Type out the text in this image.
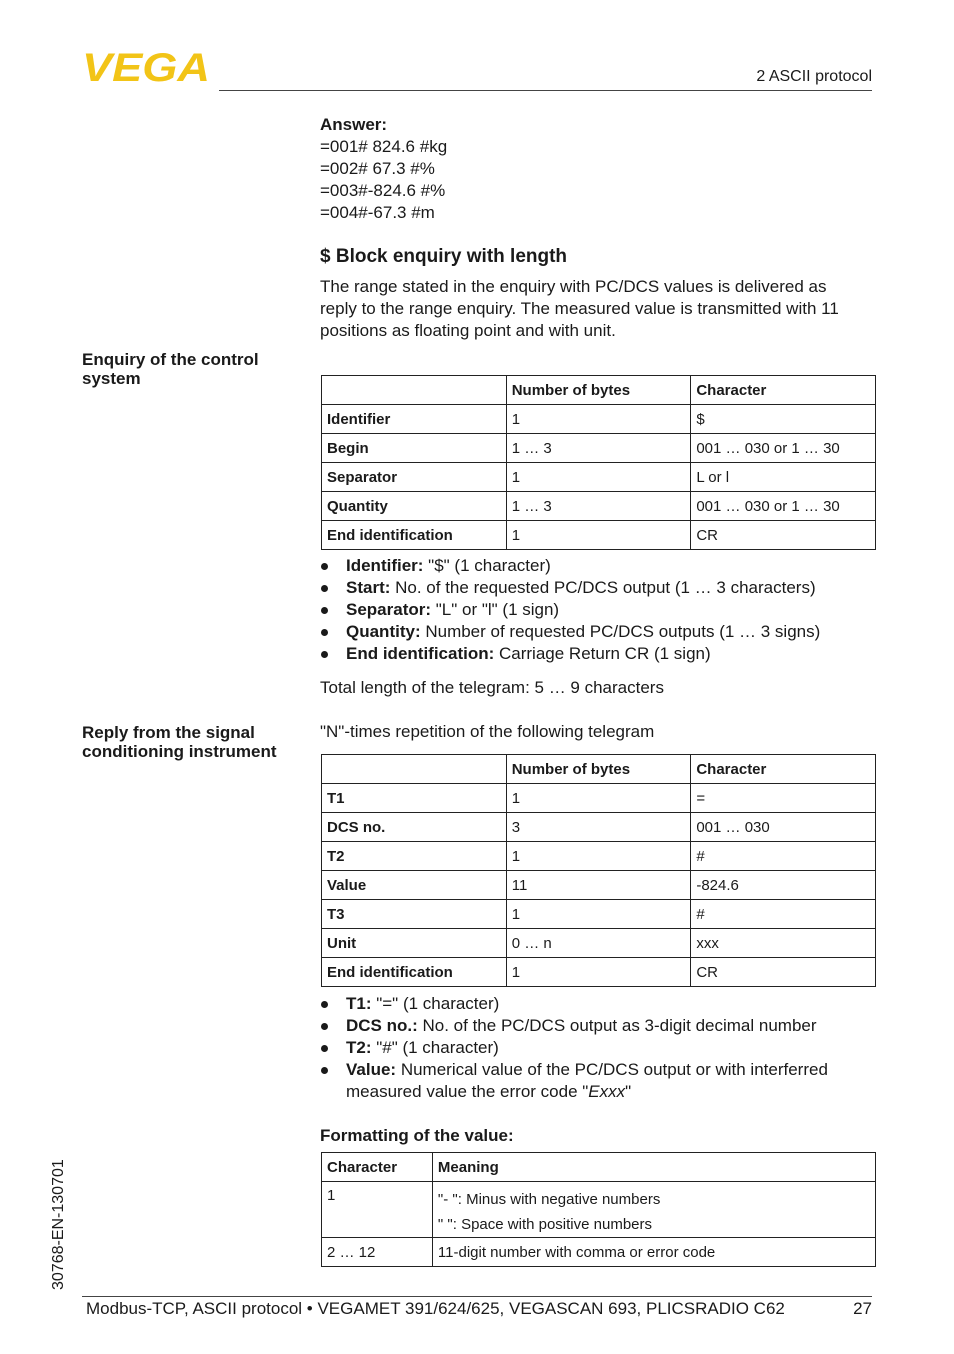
VEGA	2 ASCII protocol
Answer:
=001# 824.6 #kg
=002# 67.3 #%
=003#-824.6 #%
=004#-67.3 #m
$ Block enquiry with length
The range stated in the enquiry with PC/DCS values is delivered as
reply to the range enquiry. The measured value is transmitted with 11
positions as floating point and with unit.
Enquiry of the control
system
	Number of bytes	Character
Identifier	1	$
Begin	1 … 3	001 … 030 or 1 … 30
Separator	1	L or l
Quantity	1 … 3	001 … 030 or 1 … 30
End identification	1	CR
Identifier: "$" (1 character)
Start: No. of the requested PC/DCS output (1 … 3 characters)
Separator: "L" or "l" (1 sign)
Quantity: Number of requested PC/DCS outputs (1 … 3 signs)
End identification: Carriage Return CR (1 sign)
Total length of the telegram: 5 … 9 characters
Reply from the signal
conditioning instrument
"N"-times repetition of the following telegram
	Number of bytes	Character
T1	1	=
DCS no.	3	001 … 030
T2	1	#
Value	11	-824.6
T3	1	#
Unit	0 … n	xxx
End identification	1	CR
T1: "=" (1 character)
DCS no.: No. of the PC/DCS output as 3-digit decimal number
T2: "#" (1 character)
Value: Numerical value of the PC/DCS output or with interferred
measured value the error code "Exxx"
Formatting of the value:
Character	Meaning
1	"- ": Minus with negative numbers
" ": Space with positive numbers

2 … 12	11-digit number with comma or error code
30768-EN-130701
Modbus-TCP, ASCII protocol • VEGAMET 391/624/625, VEGASCAN 693, PLICSRADIO C62	27
